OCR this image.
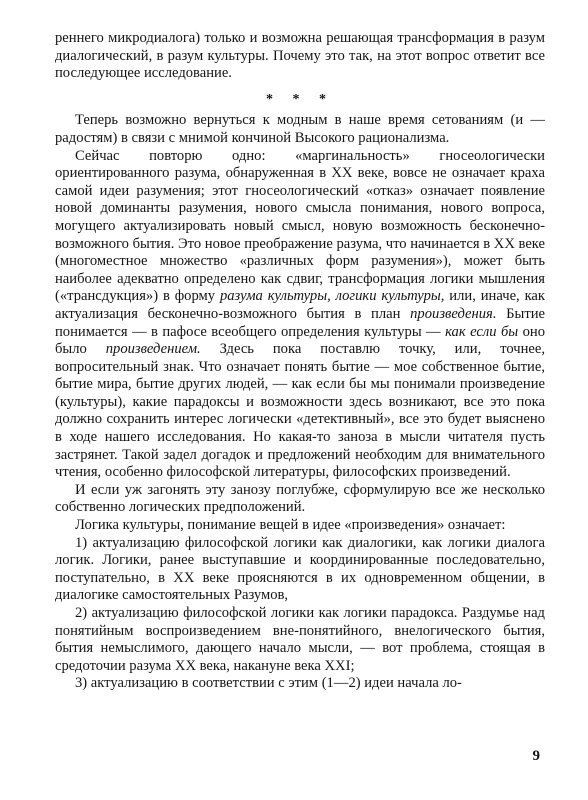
реннего микродиалога) только и возможна решающая трансформация в разум диалогический, в разум культуры. Почему это так, на этот вопрос ответит все последующее исследование.

* * *

Теперь возможно вернуться к модным в наше время сетованиям (и — радостям) в связи с мнимой кончиной Высокого рационализма.

Сейчас повторю одно: «маргинальность» гносеологически ориентированного разума, обнаруженная в XX веке, вовсе не означает краха самой идеи разумения; этот гносеологический «отказ» означает появление новой доминанты разумения, нового смысла понимания, нового вопроса, могущего актуализировать новый смысл, новую возможность бесконечно-возможного бытия. Это новое преображение разума, что начинается в XX веке (многоместное множество «различных форм разумения»), может быть наиболее адекватно определено как сдвиг, трансформация логики мышления («трансдукция») в форму разума культуры, логики культуры, или, иначе, как актуализация бесконечно-возможного бытия в план произведения. Бытие понимается — в пафосе всеобщего определения культуры — как если бы оно было произведением. Здесь пока поставлю точку, или, точнее, вопросительный знак. Что означает понять бытие — мое собственное бытие, бытие мира, бытие других людей, — как если бы мы понимали произведение (культуры), какие парадоксы и возможности здесь возникают, все это пока должно сохранить интерес логически «детективный», все это будет выяснено в ходе нашего исследования. Но какая-то заноза в мысли читателя пусть застрянет. Такой задел догадок и предложений необходим для внимательного чтения, особенно философской литературы, философских произведений.

И если уж загонять эту занозу поглубже, сформулирую все же несколько собственно логических предположений.

Логика культуры, понимание вещей в идее «произведения» означает:

1) актуализацию философской логики как диалогики, как логики диалога логик. Логики, ранее выступавшие и координированные последовательно, поступательно, в XX веке проясняются в их одновременном общении, в диалогике самостоятельных Разумов,

2) актуализацию философской логики как логики парадокса. Раздумье над понятийным воспроизведением вне-понятийного, внелогического бытия, бытия немыслимого, дающего начало мысли, — вот проблема, стоящая в средоточии разума XX века, накануне века XXI;

3) актуализацию в соответствии с этим (1—2) идеи начала ло-

9
